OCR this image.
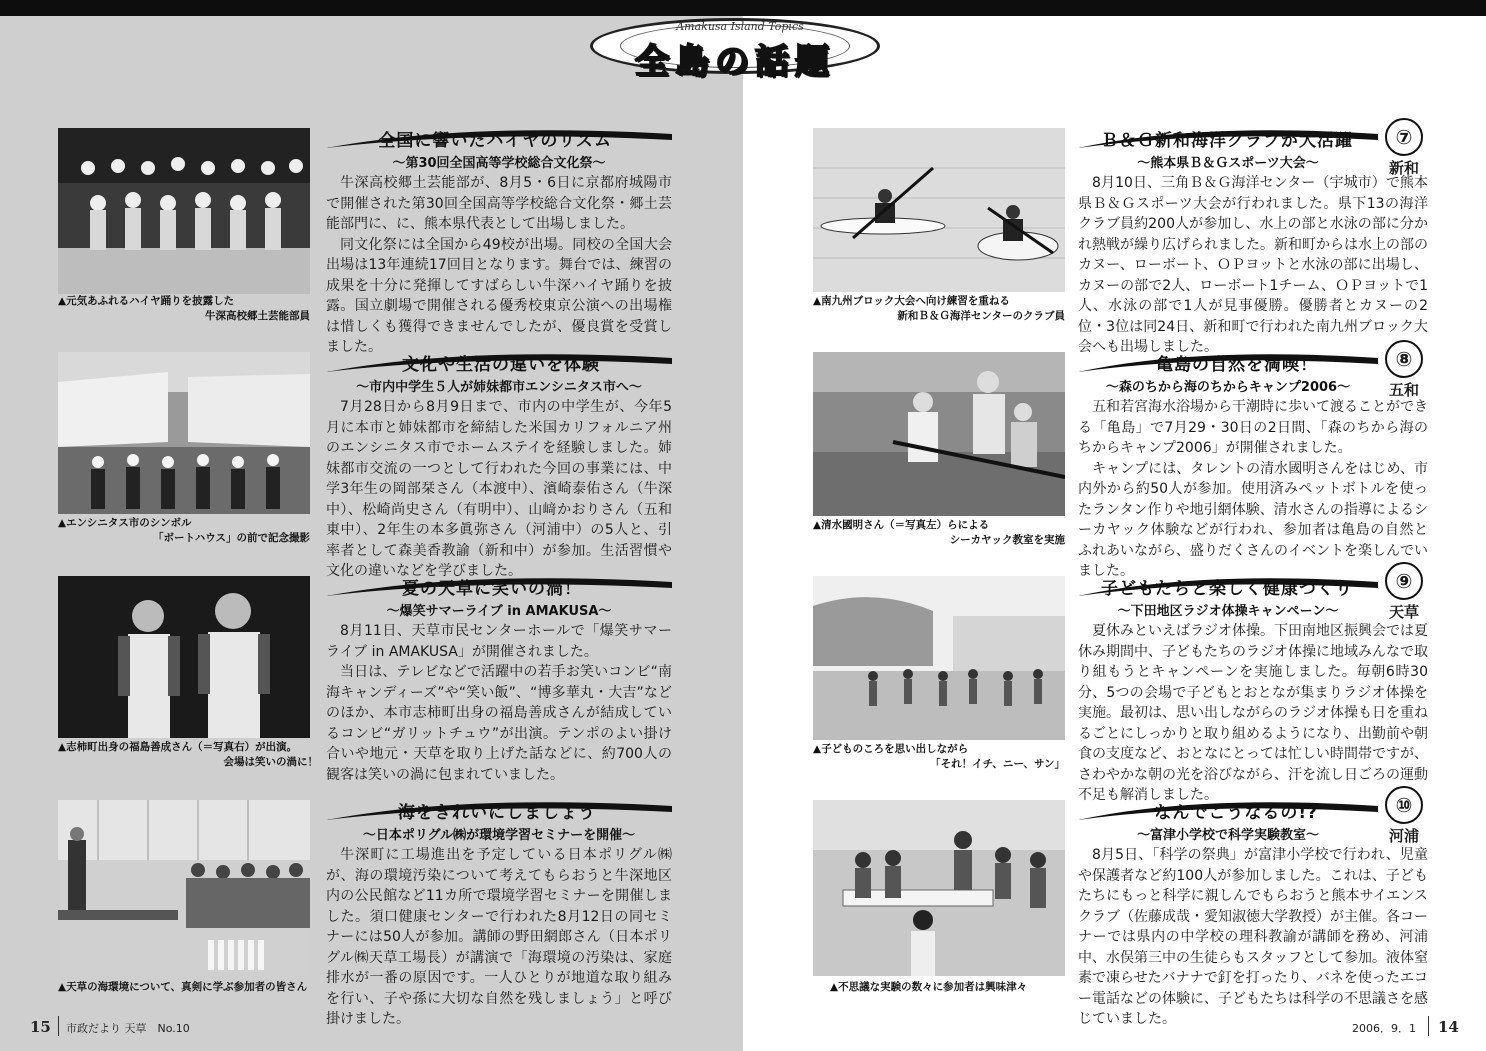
Amakusa Island Topics
全島の話題
▲元気あふれるハイヤ踊りを披露した
牛深高校郷土芸能部員
全国に響いたハイヤのリズム
～第30回全国高等学校総合文化祭～

牛深高校郷土芸能部が、8月5・6日に京都府城陽市で開催された第30回全国高等学校総合文化祭・郷土芸能部門に、に、熊本県代表として出場しました。

同文化祭には全国から49校が出場。同校の全国大会出場は13年連続17回目となります。舞台では、練習の成果を十分に発揮してすばらしい牛深ハイヤ踊りを披露。国立劇場で開催される優秀校東京公演への出場権は惜しくも獲得できませんでしたが、優良賞を受賞しました。

▲エンシニタス市のシンボル
「ボートハウス」の前で記念撮影
文化や生活の違いを体験
～市内中学生５人が姉妹都市エンシニタス市へ～

7月28日から8月9日まで、市内の中学生が、今年5月に本市と姉妹都市を締結した米国カリフォルニア州のエンシニタス市でホームステイを経験しました。姉妹都市交流の一つとして行われた今回の事業には、中学3年生の岡部栞さん（本渡中）、濱崎泰佑さん（牛深中）、松崎尚史さん（有明中）、山﨑かおりさん（五和東中）、2年生の本多眞弥さん（河浦中）の5人と、引率者として森美香教諭（新和中）が参加。生活習慣や文化の違いなどを学びました。

▲志柿町出身の福島善成さん（＝写真右）が出演。
会場は笑いの渦に！
夏の天草に笑いの渦！
～爆笑サマーライブ in AMAKUSA～

8月11日、天草市民センターホールで「爆笑サマーライブ in AMAKUSA」が開催されました。

当日は、テレビなどで活躍中の若手お笑いコンビ“南海キャンディーズ”や“笑い飯”、“博多華丸・大吉”などのほか、本市志柿町出身の福島善成さんが結成しているコンビ“ガリットチュウ”が出演。テンポのよい掛け合いや地元・天草を取り上げた話などに、約700人の観客は笑いの渦に包まれていました。

▲天草の海環境について、真剣に学ぶ参加者の皆さん
海をきれいにしましょう
～日本ポリグル㈱が環境学習セミナーを開催～

牛深町に工場進出を予定している日本ポリグル㈱が、海の環境汚染について考えてもらおうと牛深地区内の公民館など11カ所で環境学習セミナーを開催しました。須口健康センターで行われた8月12日の同セミナーには50人が参加。講師の野田網郎さん（日本ポリグル㈱天草工場長）が講演で「海環境の汚染は、家庭排水が一番の原因です。一人ひとりが地道な取り組みを行い、子や孫に大切な自然を残しましょう」と呼び掛けました。

▲南九州ブロック大会へ向け練習を重ねる
新和Ｂ＆Ｇ海洋センターのクラブ員
Ｂ＆Ｇ新和海洋クラブが大活躍
～熊本県Ｂ＆Ｇスポーツ大会～

8月10日、三角Ｂ＆Ｇ海洋センター（宇城市）で熊本県Ｂ＆Ｇスポーツ大会が行われました。県下13の海洋クラブ員約200人が参加し、水上の部と水泳の部に分かれ熱戦が繰り広げられました。新和町からは水上の部のカヌー、ローボート、ＯＰヨットと水泳の部に出場し、カヌーの部で2人、ローボート1チーム、ＯＰヨットで1人、水泳の部で1人が見事優勝。優勝者とカヌーの2位・3位は同24日、新和町で行われた南九州ブロック大会へも出場しました。

⑦
新和
▲清水國明さん（＝写真左）らによる
シーカヤック教室を実施
亀島の自然を満喫！
～森のちから海のちからキャンプ2006～

五和若宮海水浴場から干潮時に歩いて渡ることができる「亀島」で7月29・30日の2日間、「森のちから海のちからキャンプ2006」が開催されました。

キャンプには、タレントの清水國明さんをはじめ、市内外から約50人が参加。使用済みペットボトルを使ったランタン作りや地引網体験、清水さんの指導によるシーカヤック体験などが行われ、参加者は亀島の自然とふれあいながら、盛りだくさんのイベントを楽しんでいました。

⑧
五和
▲子どものころを思い出しながら
「それ！イチ、ニー、サン」
子どもたちと楽しく健康づくり
～下田地区ラジオ体操キャンペーン～

夏休みといえばラジオ体操。下田南地区振興会では夏休み期間中、子どもたちのラジオ体操に地域みんなで取り組もうとキャンペーンを実施しました。毎朝6時30分、5つの会場で子どもとおとなが集まりラジオ体操を実施。最初は、思い出しながらのラジオ体操も日を重ねるごとにしっかりと取り組めるようになり、出勤前や朝食の支度など、おとなにとっては忙しい時間帯ですが、さわやかな朝の光を浴びながら、汗を流し日ごろの運動不足も解消しました。

⑨
天草
▲不思議な実験の数々に参加者は興味津々
なんでこうなるの!?
～富津小学校で科学実験教室～

8月5日、「科学の祭典」が富津小学校で行われ、児童や保護者など約100人が参加しました。これは、子どもたちにもっと科学に親しんでもらおうと熊本サイエンスクラブ（佐藤成哉・愛知淑徳大学教授）が主催。各コーナーでは県内の中学校の理科教諭が講師を務め、河浦中、水俣第三中の生徒らもスタッフとして参加。液体窒素で凍らせたバナナで釘を打ったり、バネを使ったエコー電話などの体験に、子どもたちは科学の不思議さを感じていました。

⑩
河浦
15 市政だより 天草　No.10	2006．9．1 14
